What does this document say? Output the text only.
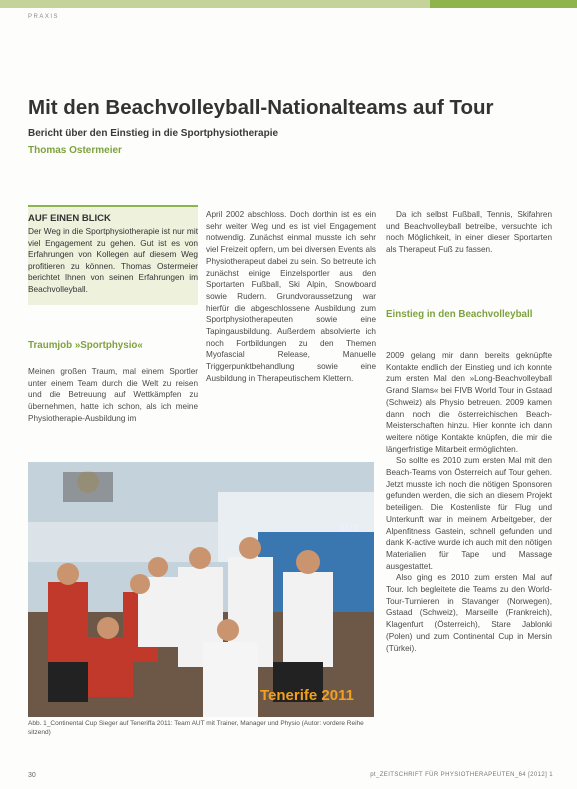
PRAXIS
Mit den Beachvolleyball-Nationalteams auf Tour
Bericht über den Einstieg in die Sportphysiotherapie
Thomas Ostermeier
AUF EINEN BLICK

Der Weg in die Sportphysiotherapie ist nur mit viel Engagement zu gehen. Gut ist es von Erfahrungen von Kollegen auf diesem Weg profitieren zu können. Thomas Ostermeier berichtet Ihnen von seinen Erfahrungen im Beachvolleyball.

Traumjob »Sportphysio«

Meinen großen Traum, mal einem Sportler unter einem Team durch die Welt zu reisen und die Betreuung auf Wettkämpfen zu übernehmen, hatte ich schon, als ich meine Physiotherapie-Ausbildung im

April 2002 abschloss. Doch dorthin ist es ein sehr weiter Weg und es ist viel Engagement notwendig. Zunächst einmal musste ich sehr viel Freizeit opfern, um bei diversen Events als Physiotherapeut dabei zu sein. So betreute ich zunächst einige Einzelsportler aus den Sportarten Fußball, Ski Alpin, Snowboard sowie Rudern. Grundvoraussetzung war hierfür die abgeschlossene Ausbildung zum Sportphysiotherapeuten sowie eine Tapingausbildung. Außerdem absolvierte ich noch Fortbildungen zu den Themen Myofascial Release, Manuelle Triggerpunktbehandlung sowie eine Ausbildung in Therapeutischem Klettern.

Da ich selbst Fußball, Tennis, Skifahren und Beachvolleyball betreibe, versuchte ich noch Möglichkeit, in einer dieser Sportarten als Therapeut Fuß zu fassen.

Einstieg in den Beachvolleyball

2009 gelang mir dann bereits geknüpfte Kontakte endlich der Einstieg und ich konnte zum ersten Mal den »Long-Beachvolleyball Grand Slams« bei FIVB World Tour in Gstaad (Schweiz) als Physio betreuen. 2009 kamen dann noch die österreichischen Beach-Meisterschaften hinzu. Hier konnte ich dann weitere nötige Kontakte knüpfen, die mir die längerfristige Mitarbeit ermöglichten.

So sollte es 2010 zum ersten Mal mit den Beach-Teams von Österreich auf Tour gehen. Jetzt musste ich noch die nötigen Sponsoren gefunden werden, die sich an diesem Projekt beteiligen. Die Kostenliste für Flug und Unterkunft war in meinem Arbeitgeber, der Alpenfitness Gastein, schnell gefunden und dank K-active wurde ich auch mit den nötigen Materialien für Tape und Massage ausgestattet.

Also ging es 2010 zum ersten Mal auf Tour. Ich begleitete die Teams zu den World-Tour-Turnieren in Stavanger (Norwegen), Gstaad (Schweiz), Marseille (Frankreich), Klagenfurt (Österreich), Stare Jablonki (Polen) und zum Continental Cup in Mersin (Türkei).

AUT
Tenerife 2011

Abb. 1_Continental Cup Sieger auf Teneriffa 2011: Team AUT mit Trainer, Manager und Physio (Autor: vordere Reihe sitzend)

30	pt_ZEITSCHRIFT FÜR PHYSIOTHERAPEUTEN_64 [2012] 1
